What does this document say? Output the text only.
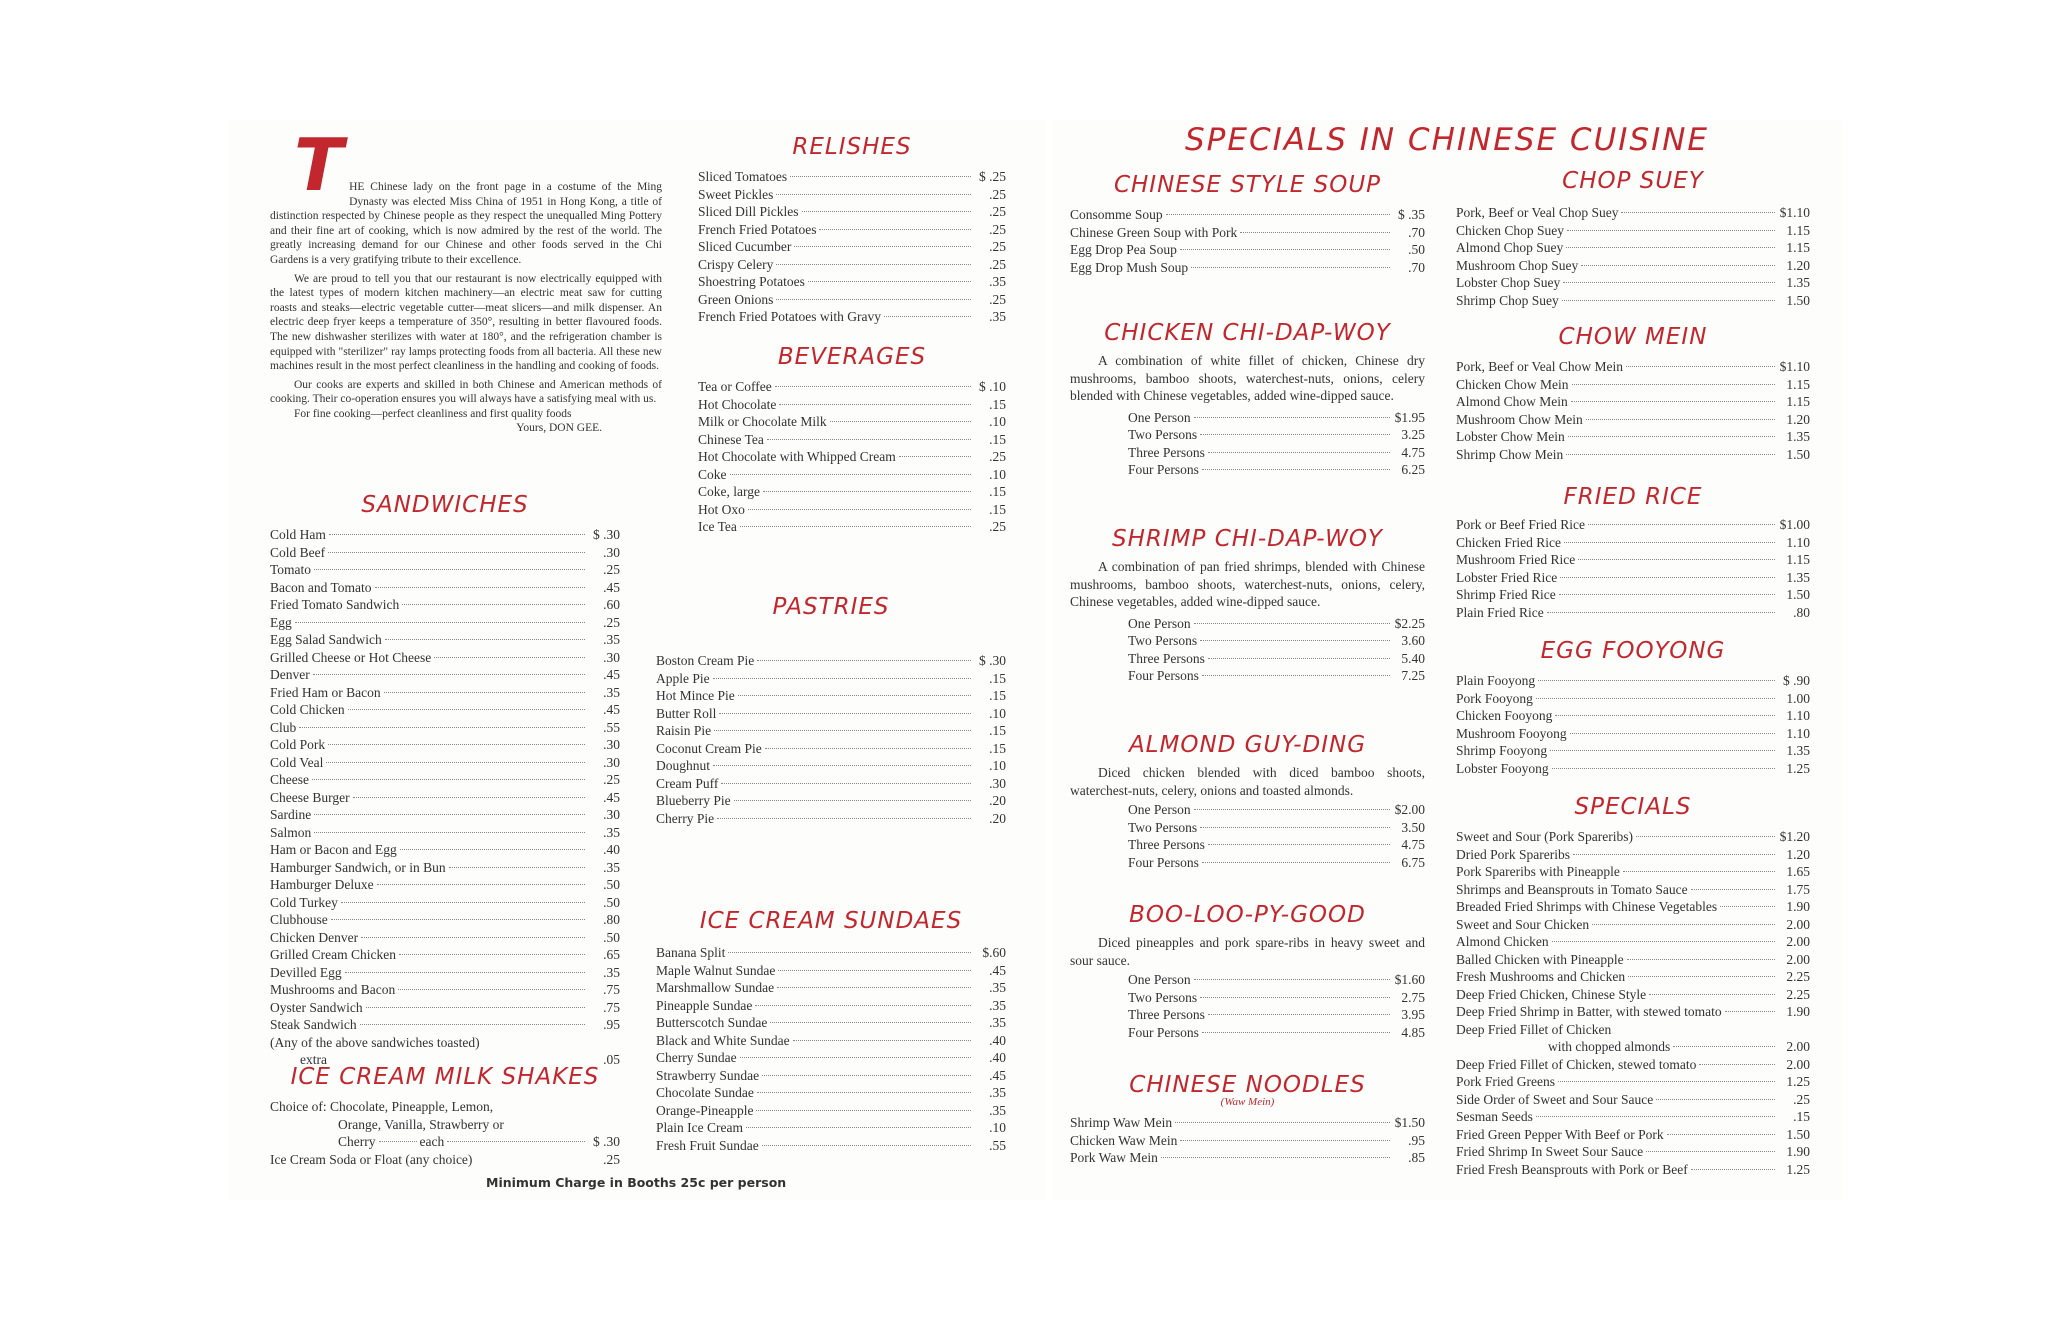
T HE Chinese lady on the front page in a costume of the Ming Dynasty was elected Miss China of 1951 in Hong Kong, a title of distinction respected by Chinese people as they respect the unequalled Ming Pottery and their fine art of cooking, which is now admired by the rest of the world. The greatly increasing demand for our Chinese and other foods served in the Chi Gardens is a very gratifying tribute to their excellence.

We are proud to tell you that our restaurant is now electrically equipped with the latest types of modern kitchen machinery—an electric meat saw for cutting roasts and steaks—electric vegetable cutter—meat slicers—and milk dispenser. An electric deep fryer keeps a temperature of 350°, resulting in better flavoured foods. The new dishwasher sterilizes with water at 180°, and the refrigeration chamber is equipped with "sterilizer" ray lamps protecting foods from all bacteria. All these new machines result in the most perfect cleanliness in the handling and cooking of foods.

Our cooks are experts and skilled in both Chinese and American methods of cooking. Their co-operation ensures you will always have a satisfying meal with us.

For fine cooking—perfect cleanliness and first quality foods

Yours, DON GEE.
SANDWICHES
Cold Ham	$ .30
Cold Beef	.30
Tomato	.25
Bacon and Tomato	.45
Fried Tomato Sandwich	.60
Egg	.25
Egg Salad Sandwich	.35
Grilled Cheese or Hot Cheese	.30
Denver	.45
Fried Ham or Bacon	.35
Cold Chicken	.45
Club	.55
Cold Pork	.30
Cold Veal	.30
Cheese	.25
Cheese Burger	.45
Sardine	.30
Salmon	.35
Ham or Bacon and Egg	.40
Hamburger Sandwich, or in Bun	.35
Hamburger Deluxe	.50
Cold Turkey	.50
Clubhouse	.80
Chicken Denver	.50
Grilled Cream Chicken	.65
Devilled Egg	.35
Mushrooms and Bacon	.75
Oyster Sandwich	.75
Steak Sandwich	.95
(Any of the above sandwiches toasted)
extra	.05
ICE CREAM MILK SHAKES
Choice of: Chocolate, Pineapple, Lemon,
Orange, Vanilla, Strawberry or
Cherry	each	$ .30
Ice Cream Soda or Float (any choice)	.25
RELISHES
Sliced Tomatoes	$ .25
Sweet Pickles	.25
Sliced Dill Pickles	.25
French Fried Potatoes	.25
Sliced Cucumber	.25
Crispy Celery	.25
Shoestring Potatoes	.35
Green Onions	.25
French Fried Potatoes with Gravy	.35
BEVERAGES
Tea or Coffee	$ .10
Hot Chocolate	.15
Milk or Chocolate Milk	.10
Chinese Tea	.15
Hot Chocolate with Whipped Cream	.25
Coke	.10
Coke, large	.15
Hot Oxo	.15
Ice Tea	.25
PASTRIES
Boston Cream Pie	$ .30
Apple Pie	.15
Hot Mince Pie	.15
Butter Roll	.10
Raisin Pie	.15
Coconut Cream Pie	.15
Doughnut	.10
Cream Puff	.30
Blueberry Pie	.20
Cherry Pie	.20
ICE CREAM SUNDAES
Banana Split	$.60
Maple Walnut Sundae	.45
Marshmallow Sundae	.35
Pineapple Sundae	.35
Butterscotch Sundae	.35
Black and White Sundae	.40
Cherry Sundae	.40
Strawberry Sundae	.45
Chocolate Sundae	.35
Orange-Pineapple	.35
Plain Ice Cream	.10
Fresh Fruit Sundae	.55
Minimum Charge in Booths 25c per person
SPECIALS IN CHINESE CUISINE
CHINESE STYLE SOUP
Consomme Soup	$ .35
Chinese Green Soup with Pork	.70
Egg Drop Pea Soup	.50
Egg Drop Mush Soup	.70
CHICKEN CHI-DAP-WOY

A combination of white fillet of chicken, Chinese dry mushrooms, bamboo shoots, waterchest-nuts, onions, celery blended with Chinese vegetables, added wine-dipped sauce.

One Person	$1.95
Two Persons	3.25
Three Persons	4.75
Four Persons	6.25
SHRIMP CHI-DAP-WOY

A combination of pan fried shrimps, blended with Chinese mushrooms, bamboo shoots, waterchest-nuts, onions, celery, Chinese vegetables, added wine-dipped sauce.

One Person	$2.25
Two Persons	3.60
Three Persons	5.40
Four Persons	7.25
ALMOND GUY-DING

Diced chicken blended with diced bamboo shoots, waterchest-nuts, celery, onions and toasted almonds.

One Person	$2.00
Two Persons	3.50
Three Persons	4.75
Four Persons	6.75
BOO-LOO-PY-GOOD

Diced pineapples and pork spare-ribs in heavy sweet and sour sauce.

One Person	$1.60
Two Persons	2.75
Three Persons	3.95
Four Persons	4.85
CHINESE NOODLES
(Waw Mein)
Shrimp Waw Mein	$1.50
Chicken Waw Mein	.95
Pork Waw Mein	.85
CHOP SUEY
Pork, Beef or Veal Chop Suey	$1.10
Chicken Chop Suey	1.15
Almond Chop Suey	1.15
Mushroom Chop Suey	1.20
Lobster Chop Suey	1.35
Shrimp Chop Suey	1.50
CHOW MEIN
Pork, Beef or Veal Chow Mein	$1.10
Chicken Chow Mein	1.15
Almond Chow Mein	1.15
Mushroom Chow Mein	1.20
Lobster Chow Mein	1.35
Shrimp Chow Mein	1.50
FRIED RICE
Pork or Beef Fried Rice	$1.00
Chicken Fried Rice	1.10
Mushroom Fried Rice	1.15
Lobster Fried Rice	1.35
Shrimp Fried Rice	1.50
Plain Fried Rice	.80
EGG FOOYONG
Plain Fooyong	$ .90
Pork Fooyong	1.00
Chicken Fooyong	1.10
Mushroom Fooyong	1.10
Shrimp Fooyong	1.35
Lobster Fooyong	1.25
SPECIALS
Sweet and Sour (Pork Spareribs)	$1.20
Dried Pork Spareribs	1.20
Pork Spareribs with Pineapple	1.65
Shrimps and Beansprouts in Tomato Sauce	1.75
Breaded Fried Shrimps with Chinese Vegetables	1.90
Sweet and Sour Chicken	2.00
Almond Chicken	2.00
Balled Chicken with Pineapple	2.00
Fresh Mushrooms and Chicken	2.25
Deep Fried Chicken, Chinese Style	2.25
Deep Fried Shrimp in Batter, with stewed tomato	1.90
Deep Fried Fillet of Chicken
with chopped almonds	2.00
Deep Fried Fillet of Chicken, stewed tomato	2.00
Pork Fried Greens	1.25
Side Order of Sweet and Sour Sauce	.25
Sesman Seeds	.15
Fried Green Pepper With Beef or Pork	1.50
Fried Shrimp In Sweet Sour Sauce	1.90
Fried Fresh Beansprouts with Pork or Beef	1.25
